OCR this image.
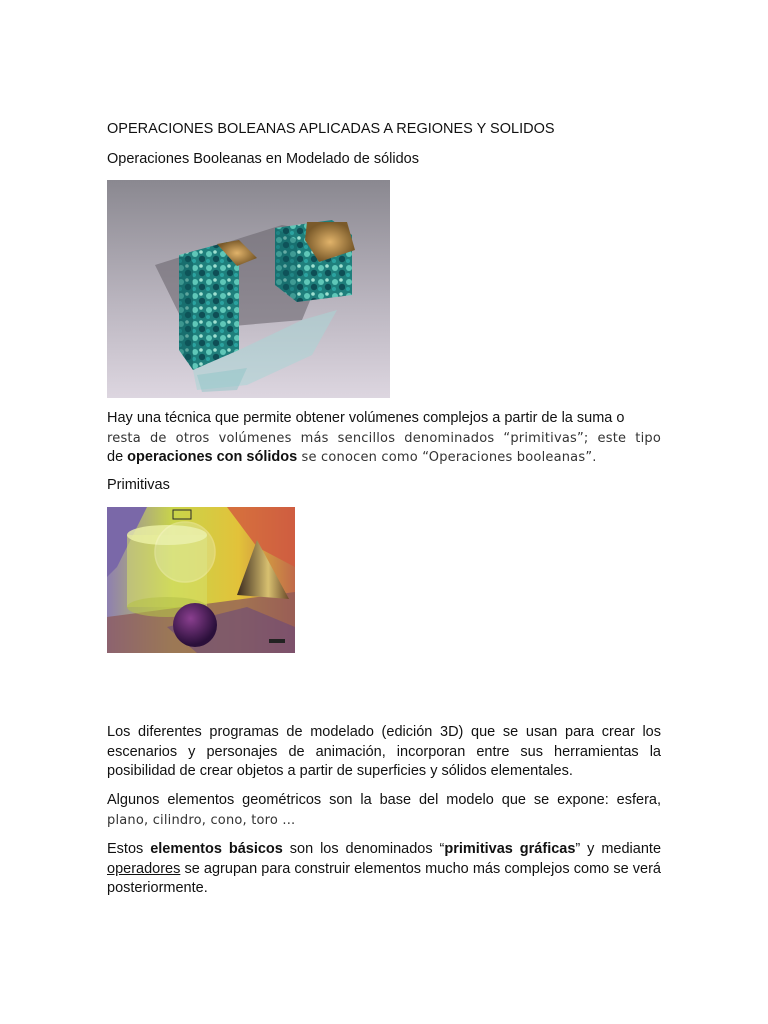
OPERACIONES BOLEANAS APLICADAS A REGIONES Y SOLIDOS

Operaciones Booleanas en Modelado de sólidos

Hay una técnica que permite obtener volúmenes complejos a partir de la suma o
resta de otros volúmenes más sencillos denominados “primitivas”; este tipo
de operaciones con sólidos se conocen como “Operaciones booleanas”.

Primitivas

Los diferentes programas de modelado (edición 3D) que se usan para crear los escenarios y personajes de animación, incorporan entre sus herramientas la posibilidad de crear objetos a partir de superficies y sólidos elementales.

Algunos elementos geométricos son la base del modelo que se expone: esfera,
plano, cilindro, cono, toro ...

Estos elementos básicos son los denominados “primitivas gráficas” y mediante operadores se agrupan para construir elementos mucho más complejos como se verá posteriormente.
